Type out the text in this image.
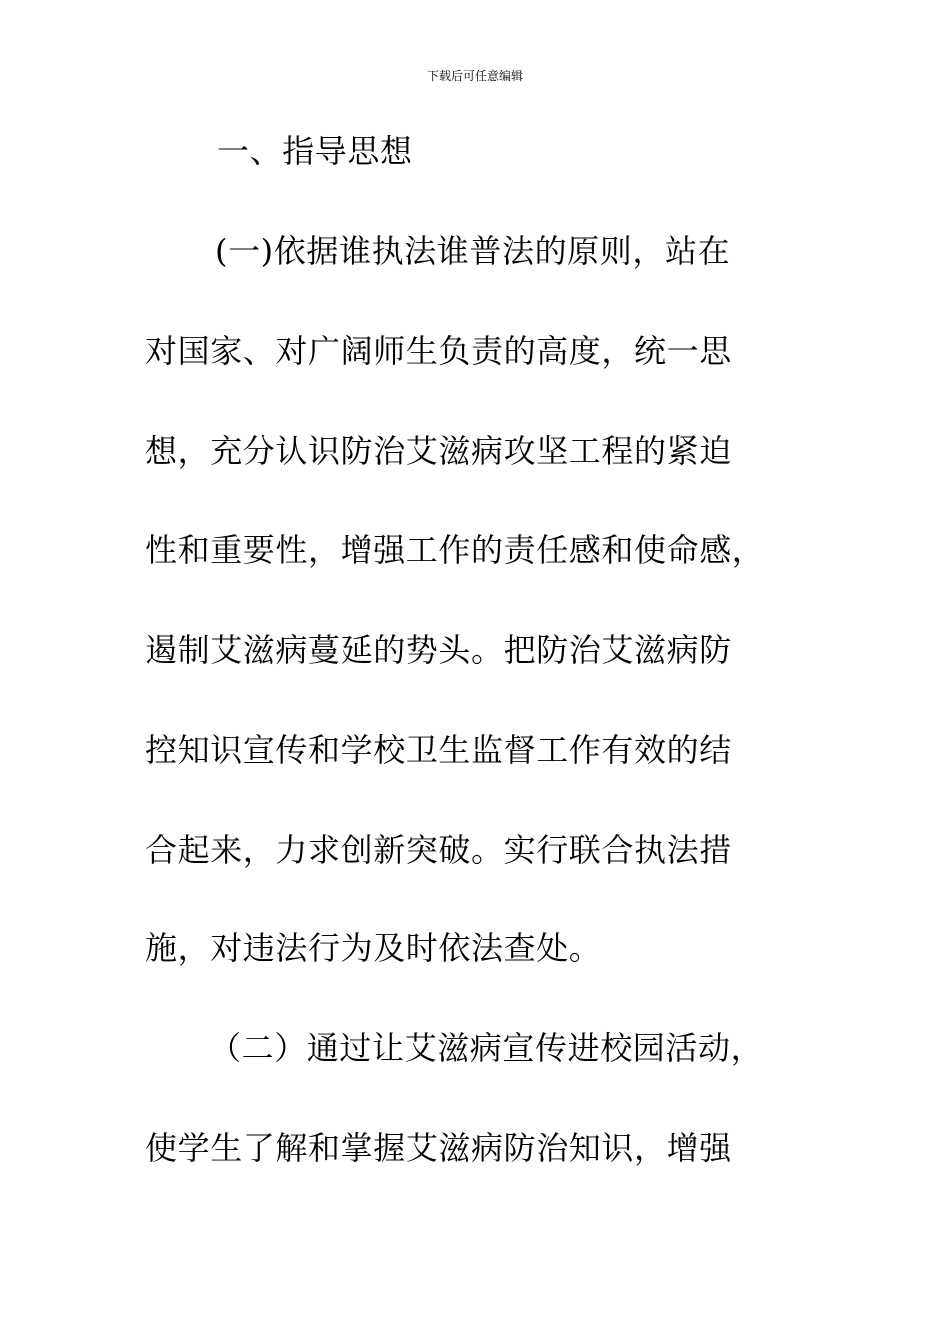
下载后可任意编辑
一、指导思想
(一)依据谁执法谁普法的原则，站在
对国家、对广阔师生负责的高度，统一思
想，充分认识防治艾滋病攻坚工程的紧迫
性和重要性，增强工作的责任感和使命感，
遏制艾滋病蔓延的势头。把防治艾滋病防
控知识宣传和学校卫生监督工作有效的结
合起来，力求创新突破。实行联合执法措
施，对违法行为及时依法查处。
（二）通过让艾滋病宣传进校园活动，
使学生了解和掌握艾滋病防治知识，增强
